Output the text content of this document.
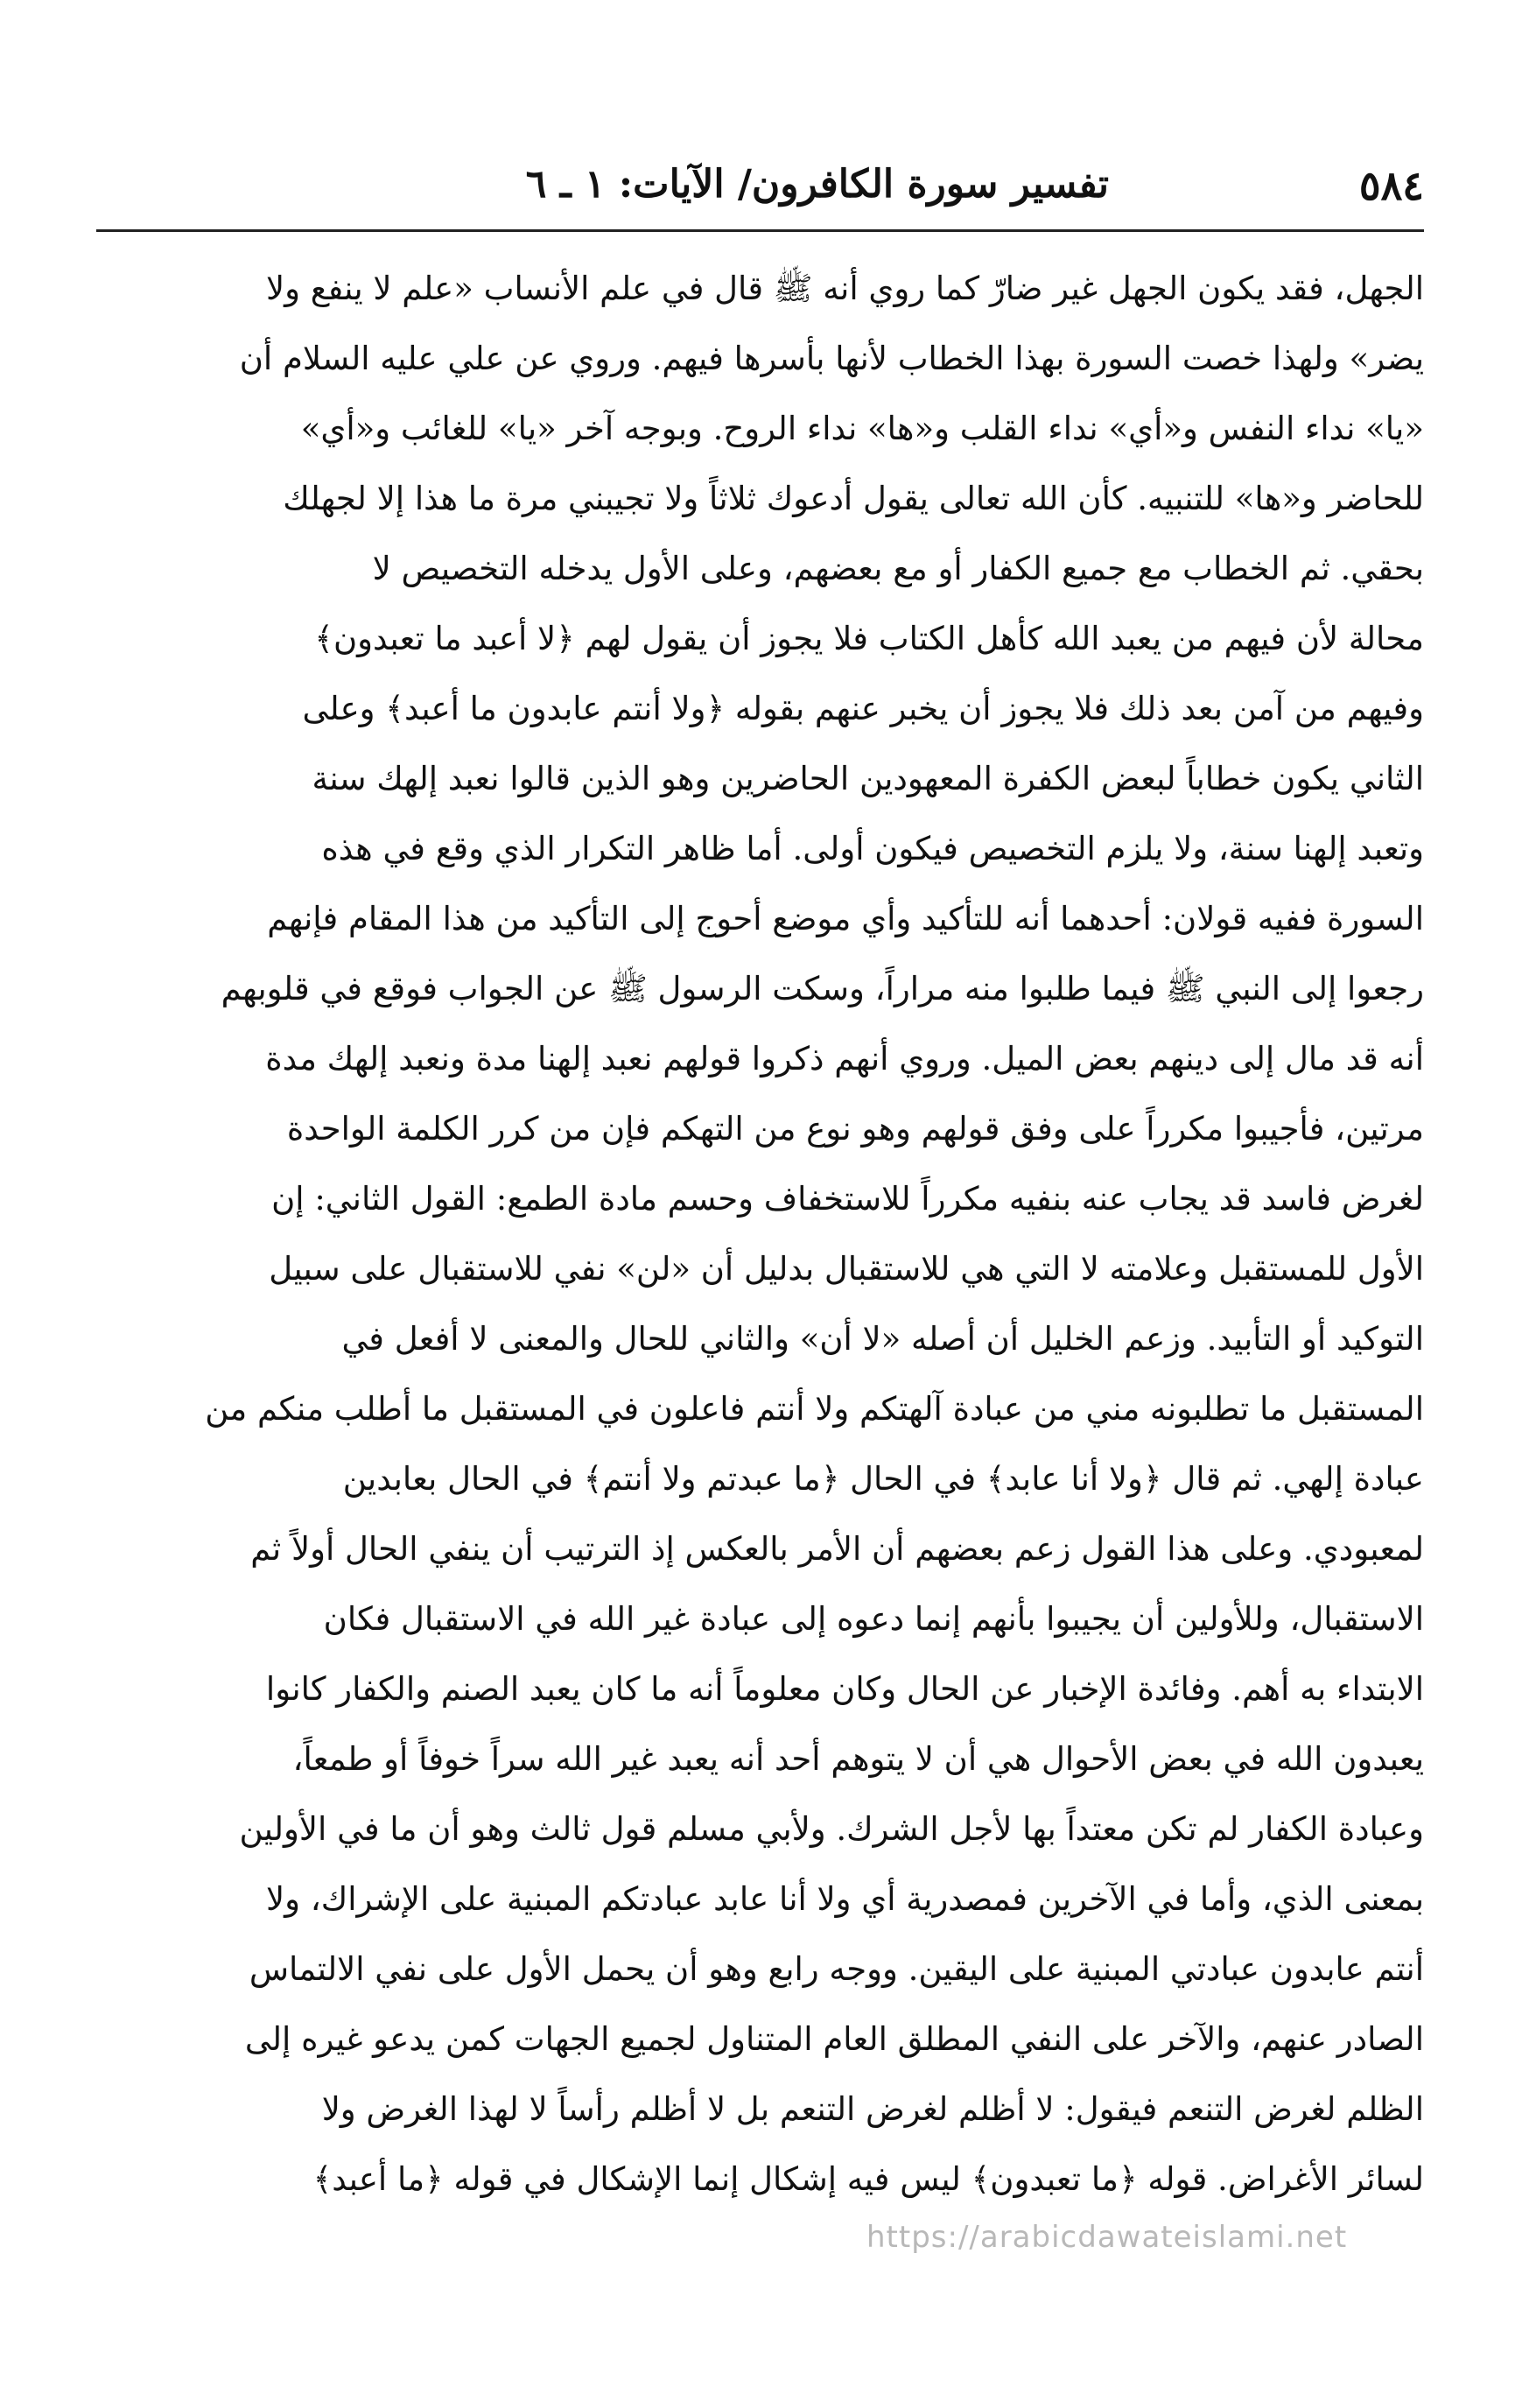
٥٨٤
تفسير سورة الكافرون/ الآيات: ١ ـ ٦
الجهل، فقد يكون الجهل غير ضارّ كما روي أنه ﷺ قال في علم الأنساب «علم لا ينفع ولا
يضر» ولهذا خصت السورة بهذا الخطاب لأنها بأسرها فيهم. وروي عن علي عليه السلام أن
«يا» نداء النفس و«أي» نداء القلب و«ها» نداء الروح. وبوجه آخر «يا» للغائب و«أي»
للحاضر و«ها» للتنبيه. كأن الله تعالى يقول أدعوك ثلاثاً ولا تجيبني مرة ما هذا إلا لجهلك
بحقي. ثم الخطاب مع جميع الكفار أو مع بعضهم، وعلى الأول يدخله التخصيص لا
محالة لأن فيهم من يعبد الله كأهل الكتاب فلا يجوز أن يقول لهم ﴿لا أعبد ما تعبدون﴾
وفيهم من آمن بعد ذلك فلا يجوز أن يخبر عنهم بقوله ﴿ولا أنتم عابدون ما أعبد﴾ وعلى
الثاني يكون خطاباً لبعض الكفرة المعهودين الحاضرين وهو الذين قالوا نعبد إلهك سنة
وتعبد إلهنا سنة، ولا يلزم التخصيص فيكون أولى. أما ظاهر التكرار الذي وقع في هذه
السورة ففيه قولان: أحدهما أنه للتأكيد وأي موضع أحوج إلى التأكيد من هذا المقام فإنهم
رجعوا إلى النبي ﷺ فيما طلبوا منه مراراً، وسكت الرسول ﷺ عن الجواب فوقع في قلوبهم
أنه قد مال إلى دينهم بعض الميل. وروي أنهم ذكروا قولهم نعبد إلهنا مدة ونعبد إلهك مدة
مرتين، فأجيبوا مكرراً على وفق قولهم وهو نوع من التهكم فإن من كرر الكلمة الواحدة
لغرض فاسد قد يجاب عنه بنفيه مكرراً للاستخفاف وحسم مادة الطمع: القول الثاني: إن
الأول للمستقبل وعلامته لا التي هي للاستقبال بدليل أن «لن» نفي للاستقبال على سبيل
التوكيد أو التأبيد. وزعم الخليل أن أصله «لا أن» والثاني للحال والمعنى لا أفعل في
المستقبل ما تطلبونه مني من عبادة آلهتكم ولا أنتم فاعلون في المستقبل ما أطلب منكم من
عبادة إلهي. ثم قال ﴿ولا أنا عابد﴾ في الحال ﴿ما عبدتم ولا أنتم﴾ في الحال بعابدين
لمعبودي. وعلى هذا القول زعم بعضهم أن الأمر بالعكس إذ الترتيب أن ينفي الحال أولاً ثم
الاستقبال، وللأولين أن يجيبوا بأنهم إنما دعوه إلى عبادة غير الله في الاستقبال فكان
الابتداء به أهم. وفائدة الإخبار عن الحال وكان معلوماً أنه ما كان يعبد الصنم والكفار كانوا
يعبدون الله في بعض الأحوال هي أن لا يتوهم أحد أنه يعبد غير الله سراً خوفاً أو طمعاً،
وعبادة الكفار لم تكن معتداً بها لأجل الشرك. ولأبي مسلم قول ثالث وهو أن ما في الأولين
بمعنى الذي، وأما في الآخرين فمصدرية أي ولا أنا عابد عبادتكم المبنية على الإشراك، ولا
أنتم عابدون عبادتي المبنية على اليقين. ووجه رابع وهو أن يحمل الأول على نفي الالتماس
الصادر عنهم، والآخر على النفي المطلق العام المتناول لجميع الجهات كمن يدعو غيره إلى
الظلم لغرض التنعم فيقول: لا أظلم لغرض التنعم بل لا أظلم رأساً لا لهذا الغرض ولا
لسائر الأغراض. قوله ﴿ما تعبدون﴾ ليس فيه إشكال إنما الإشكال في قوله ﴿ما أعبد﴾
https://arabicdawateislami.net
